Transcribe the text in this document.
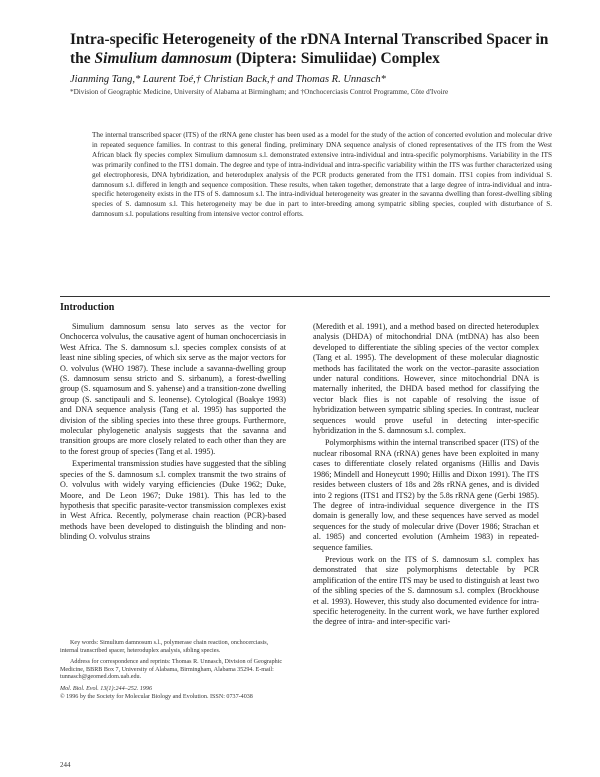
Intra-specific Heterogeneity of the rDNA Internal Transcribed Spacer in the Simulium damnosum (Diptera: Simuliidae) Complex
Jianming Tang,* Laurent Toé,† Christian Back,† and Thomas R. Unnasch*
*Division of Geographic Medicine, University of Alabama at Birmingham; and †Onchocerciasis Control Programme, Côte d'Ivoire
The internal transcribed spacer (ITS) of the rRNA gene cluster has been used as a model for the study of the action of concerted evolution and molecular drive in repeated sequence families. In contrast to this general finding, preliminary DNA sequence analysis of cloned representatives of the ITS from the West African black fly species complex Simulium damnosum s.l. demonstrated extensive intra-individual and intra-specific polymorphisms. Variability in the ITS was primarily confined to the ITS1 domain. The degree and type of intra-individual and intra-specific variability within the ITS was further characterized using gel electrophoresis, DNA hybridization, and heteroduplex analysis of the PCR products generated from the ITS1 domain. ITS1 copies from individual S. damnosum s.l. differed in length and sequence composition. These results, when taken together, demonstrate that a large degree of intra-individual and intra-specific heterogeneity exists in the ITS of S. damnosum s.l. The intra-individual heterogeneity was greater in the savanna dwelling than forest-dwelling sibling species of S. damnosum s.l. This heterogeneity may be due in part to inter-breeding among sympatric sibling species, coupled with disturbance of S. damnosum s.l. populations resulting from intensive vector control efforts.
Introduction

Simulium damnosum sensu lato serves as the vector for Onchocerca volvulus, the causative agent of human onchocerciasis in West Africa. The S. damnosum s.l. species complex consists of at least nine sibling species, of which six serve as the major vectors for O. volvulus (WHO 1987). These include a savanna-dwelling group (S. damnosum sensu stricto and S. sirbanum), a forest-dwelling group (S. squamosum and S. yahense) and a transition-zone dwelling group (S. sanctipauli and S. leonense). Cytological (Boakye 1993) and DNA sequence analysis (Tang et al. 1995) has supported the division of the sibling species into these three groups. Furthermore, molecular phylogenetic analysis suggests that the savanna and transition groups are more closely related to each other than they are to the forest group of species (Tang et al. 1995).

Experimental transmission studies have suggested that the sibling species of the S. damnosum s.l. complex transmit the two strains of O. volvulus with widely varying efficiencies (Duke 1962; Duke, Moore, and De Leon 1967; Duke 1981). This has led to the hypothesis that specific parasite-vector transmission complexes exist in West Africa. Recently, polymerase chain reaction (PCR)-based methods have been developed to distinguish the blinding and non-blinding O. volvulus strains

Key words: Simulium damnosum s.l., polymerase chain reaction, onchocerciasis, internal transcribed spacer, heteroduplex analysis, sibling species.

Address for correspondence and reprints: Thomas R. Unnasch, Division of Geographic Medicine, BBRB Box 7, University of Alabama, Birmingham, Alabama 35294. E-mail: tunnasch@geomed.dom.uab.edu.

Mol. Biol. Evol. 13(1):244–252. 1996
© 1996 by the Society for Molecular Biology and Evolution. ISSN: 0737-4038

(Meredith et al. 1991), and a method based on directed heteroduplex analysis (DHDA) of mitochondrial DNA (mtDNA) has also been developed to differentiate the sibling species of the vector complex (Tang et al. 1995). The development of these molecular diagnostic methods has facilitated the work on the vector–parasite association under natural conditions. However, since mitochondrial DNA is maternally inherited, the DHDA based method for classifying the vector black flies is not capable of resolving the issue of hybridization between sympatric sibling species. In contrast, nuclear sequences would prove useful in detecting inter-specific hybridization in the S. damnosum s.l. complex.

Polymorphisms within the internal transcribed spacer (ITS) of the nuclear ribosomal RNA (rRNA) genes have been exploited in many cases to differentiate closely related organisms (Hillis and Davis 1986; Mindell and Honeycutt 1990; Hillis and Dixon 1991). The ITS resides between clusters of 18s and 28s rRNA genes, and is divided into 2 regions (ITS1 and ITS2) by the 5.8s rRNA gene (Gerbi 1985). The degree of intra-individual sequence divergence in the ITS domain is generally low, and these sequences have served as model sequences for the study of molecular drive (Dover 1986; Strachan et al. 1985) and concerted evolution (Arnheim 1983) in repeated-sequence families.

Previous work on the ITS of S. damnosum s.l. complex has demonstrated that size polymorphisms detectable by PCR amplification of the entire ITS may be used to distinguish at least two of the sibling species of the S. damnosum s.l. complex (Brockhouse et al. 1993). However, this study also documented evidence for intra-specific heterogeneity. In the current work, we have further explored the degree of intra- and inter-specific vari-

244
